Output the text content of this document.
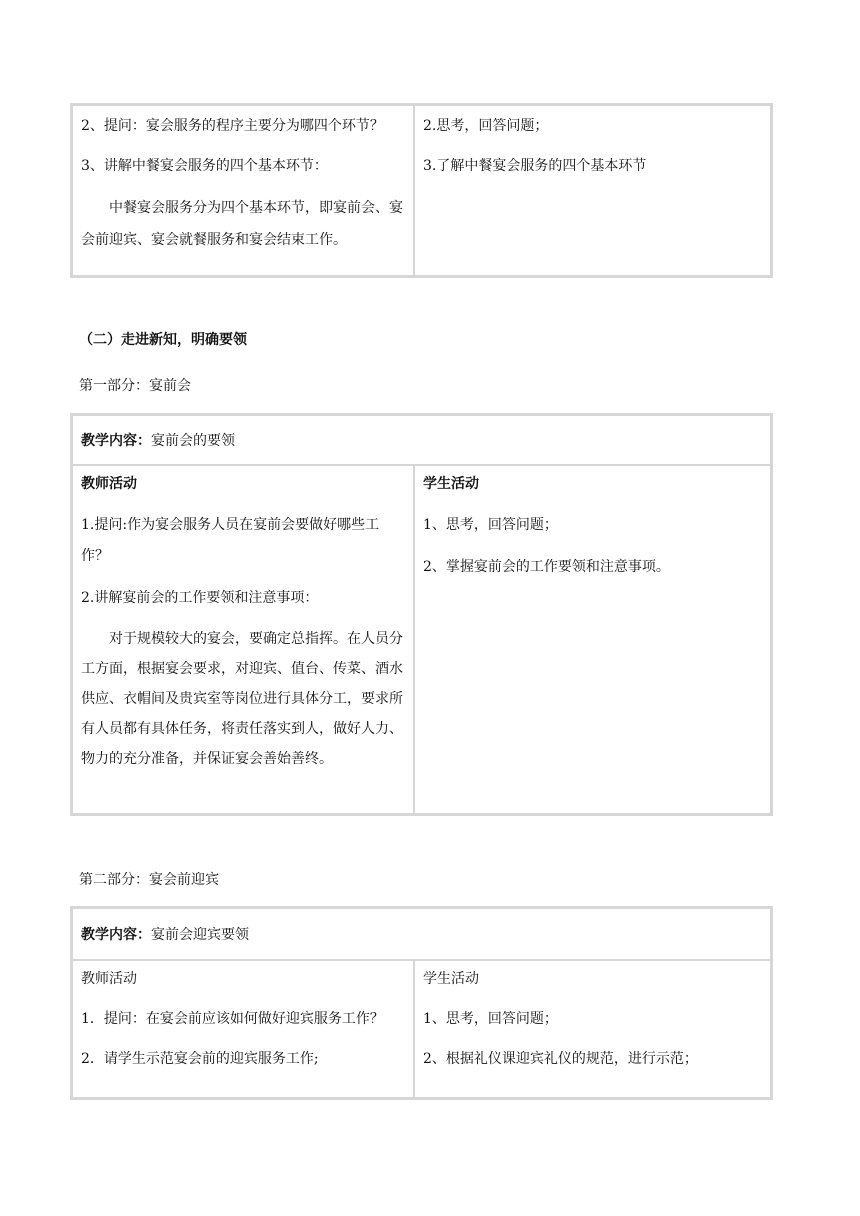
2、提问：宴会服务的程序主要分为哪四个环节？

3、讲解中餐宴会服务的四个基本环节：

中餐宴会服务分为四个基本环节，即宴前会、宴会前迎宾、宴会就餐服务和宴会结束工作。

2.思考，回答问题；

3.了解中餐宴会服务的四个基本环节

（二）走进新知，明确要领
第一部分：宴前会
教学内容：宴前会的要领

教师活动

1.提问:作为宴会服务人员在宴前会要做好哪些工作？

2.讲解宴前会的工作要领和注意事项：

对于规模较大的宴会，要确定总指挥。在人员分工方面，根据宴会要求，对迎宾、值台、传菜、酒水供应、衣帽间及贵宾室等岗位进行具体分工，要求所有人员都有具体任务，将责任落实到人，做好人力、物力的充分准备，并保证宴会善始善终。

学生活动

1、思考，回答问题；

2、掌握宴前会的工作要领和注意事项。

第二部分：宴会前迎宾
教学内容：宴前会迎宾要领

教师活动

1．提问：在宴会前应该如何做好迎宾服务工作？

2．请学生示范宴会前的迎宾服务工作;

学生活动

1、思考，回答问题；

2、根据礼仪课迎宾礼仪的规范，进行示范；
